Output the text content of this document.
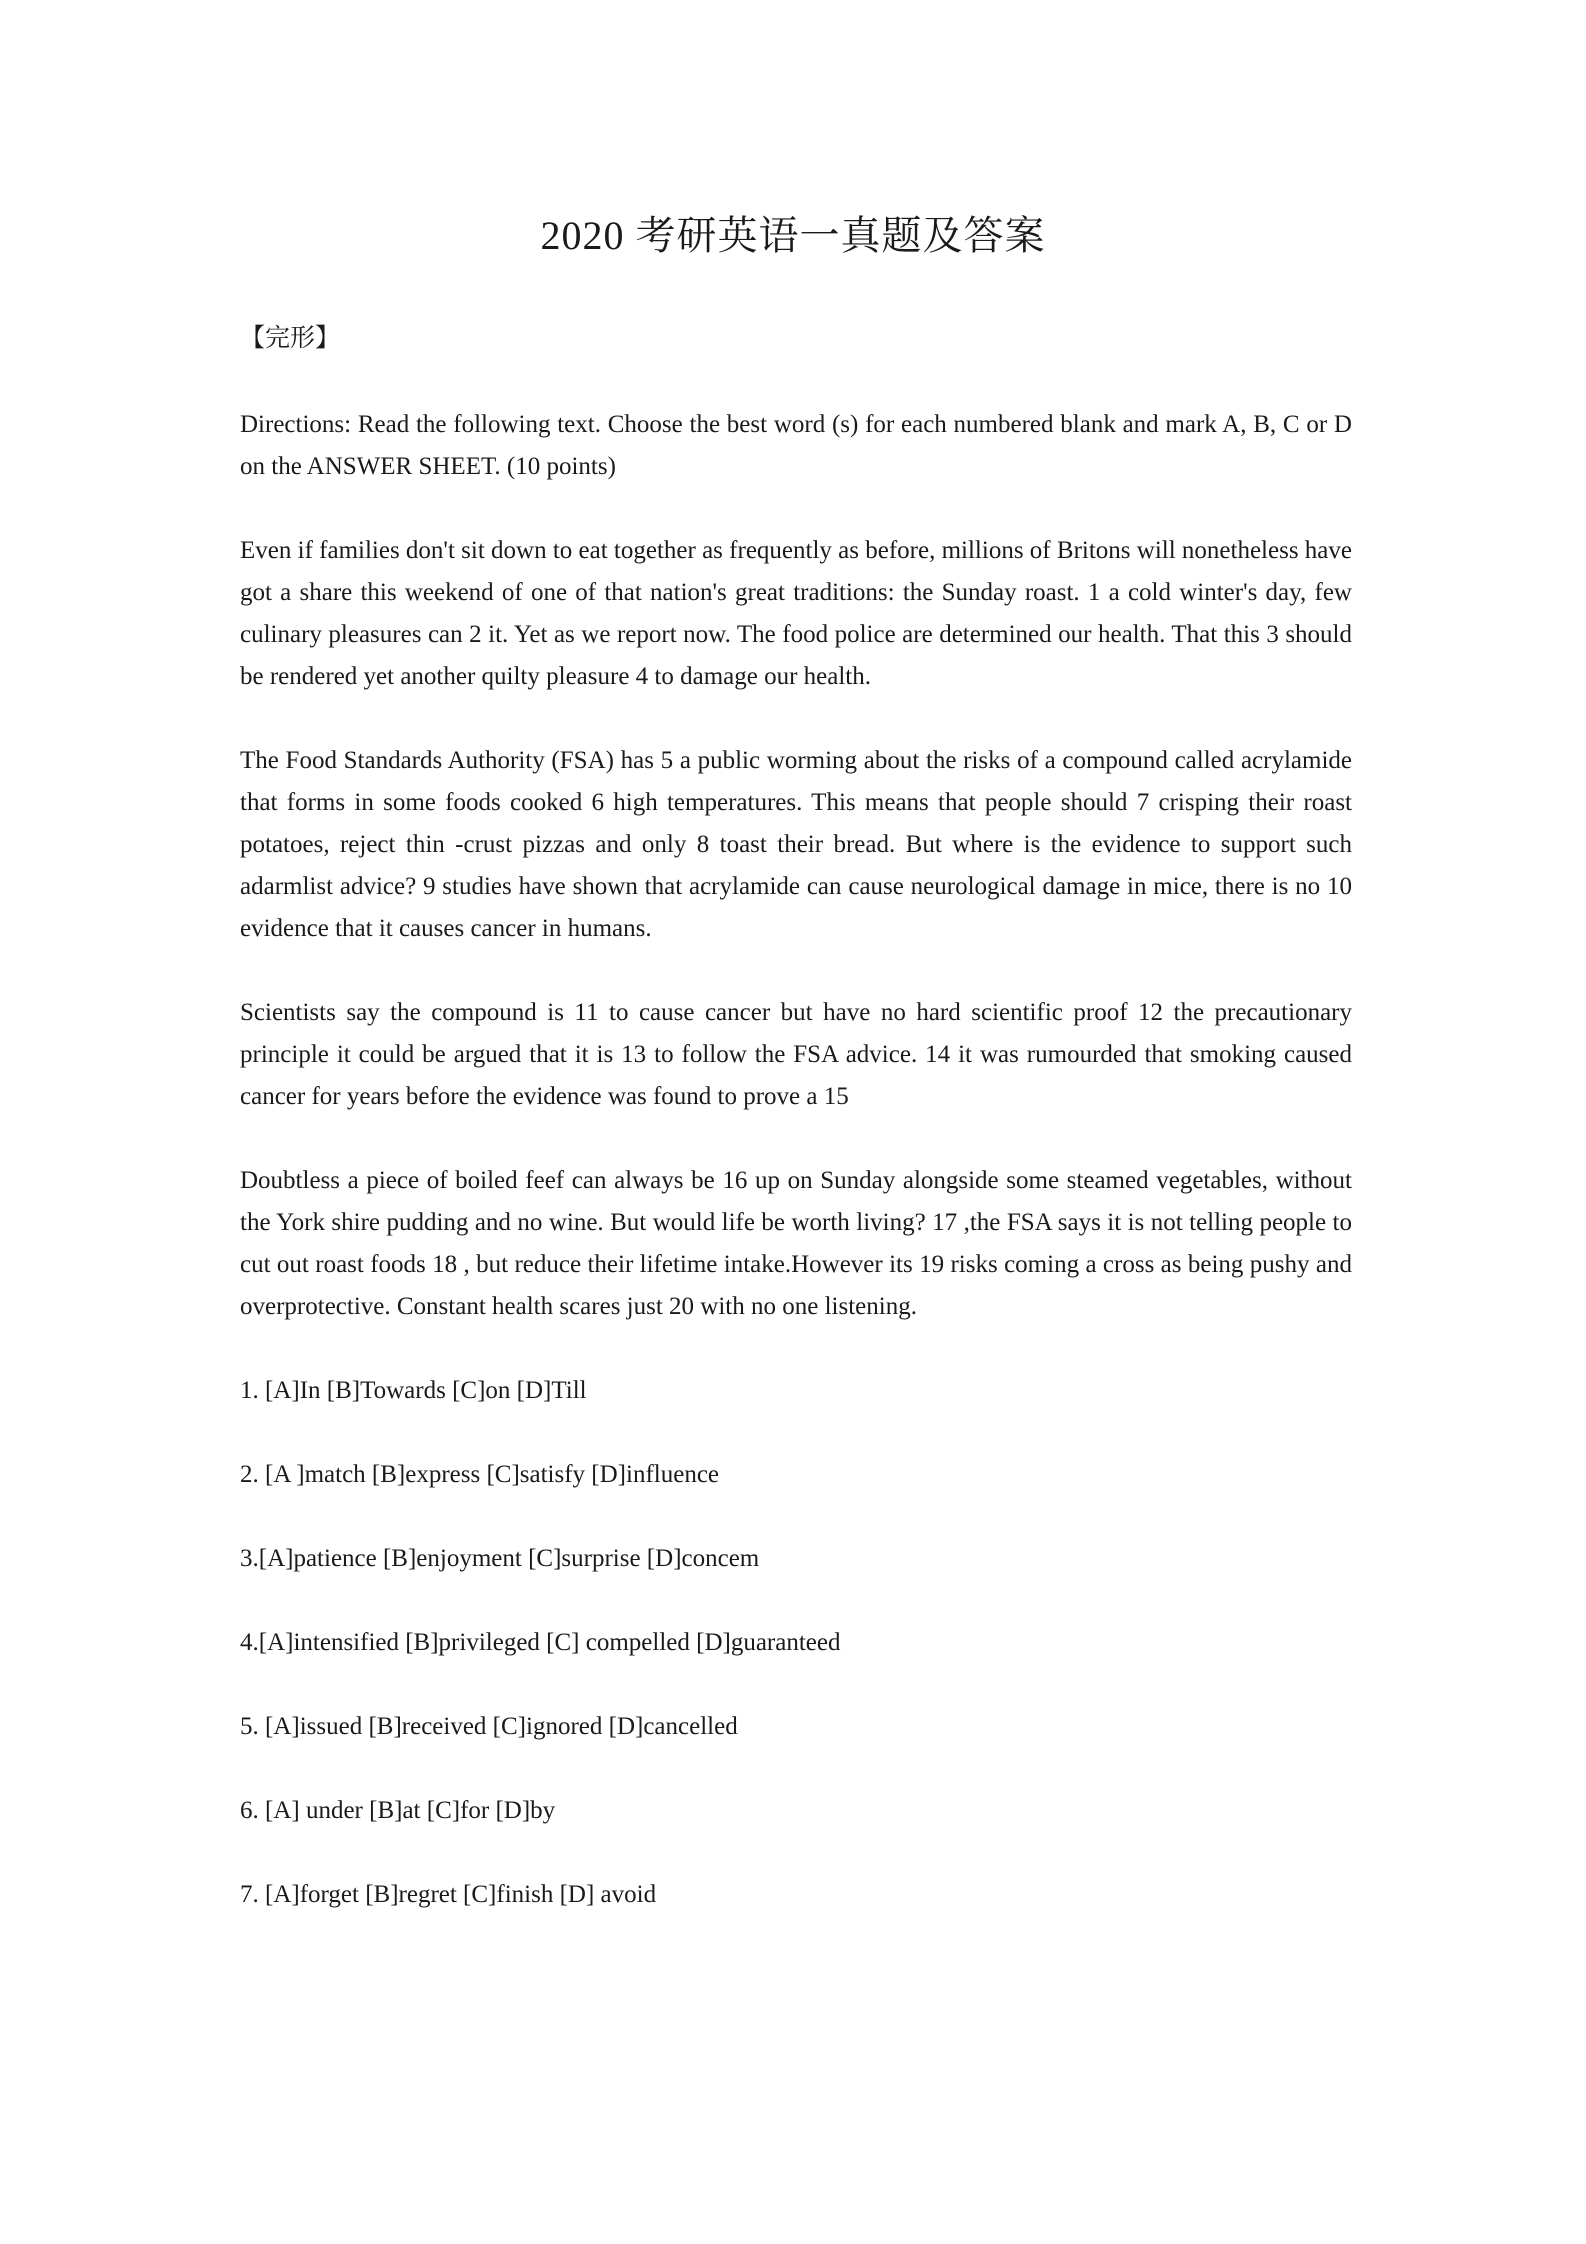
2020 考研英语一真题及答案

【完形】

Directions: Read the following text. Choose the best word (s) for each numbered blank and mark A, B, C or D on the ANSWER SHEET. (10 points)

Even if families don't sit down to eat together as frequently as before, millions of Britons will nonetheless have got a share this weekend of one of that nation's great traditions: the Sunday roast. 1 a cold winter's day, few culinary pleasures can 2 it. Yet as we report now. The food police are determined our health. That this 3 should be rendered yet another quilty pleasure 4 to damage our health.

The Food Standards Authority (FSA) has 5 a public worming about the risks of a compound called acrylamide that forms in some foods cooked 6 high temperatures. This means that people should 7 crisping their roast potatoes, reject thin -crust pizzas and only 8 toast their bread. But where is the evidence to support such adarmlist advice? 9 studies have shown that acrylamide can cause neurological damage in mice, there is no 10 evidence that it causes cancer in humans.

Scientists say the compound is 11 to cause cancer but have no hard scientific proof 12 the precautionary principle it could be argued that it is 13 to follow the FSA advice. 14 it was rumourded that smoking caused cancer for years before the evidence was found to prove a 15

Doubtless a piece of boiled feef can always be 16 up on Sunday alongside some steamed vegetables, without the York shire pudding and no wine. But would life be worth living? 17 ,the FSA says it is not telling people to cut out roast foods 18 , but reduce their lifetime intake.However its 19 risks coming a cross as being pushy and overprotective. Constant health scares just 20 with no one listening.

1. [A]In [B]Towards [C]on [D]Till

2. [A ]match [B]express [C]satisfy [D]influence

3.[A]patience [B]enjoyment [C]surprise [D]concem

4.[A]intensified [B]privileged [C] compelled [D]guaranteed

5. [A]issued [B]received [C]ignored [D]cancelled

6. [A] under [B]at [C]for [D]by

7. [A]forget [B]regret [C]finish [D] avoid
